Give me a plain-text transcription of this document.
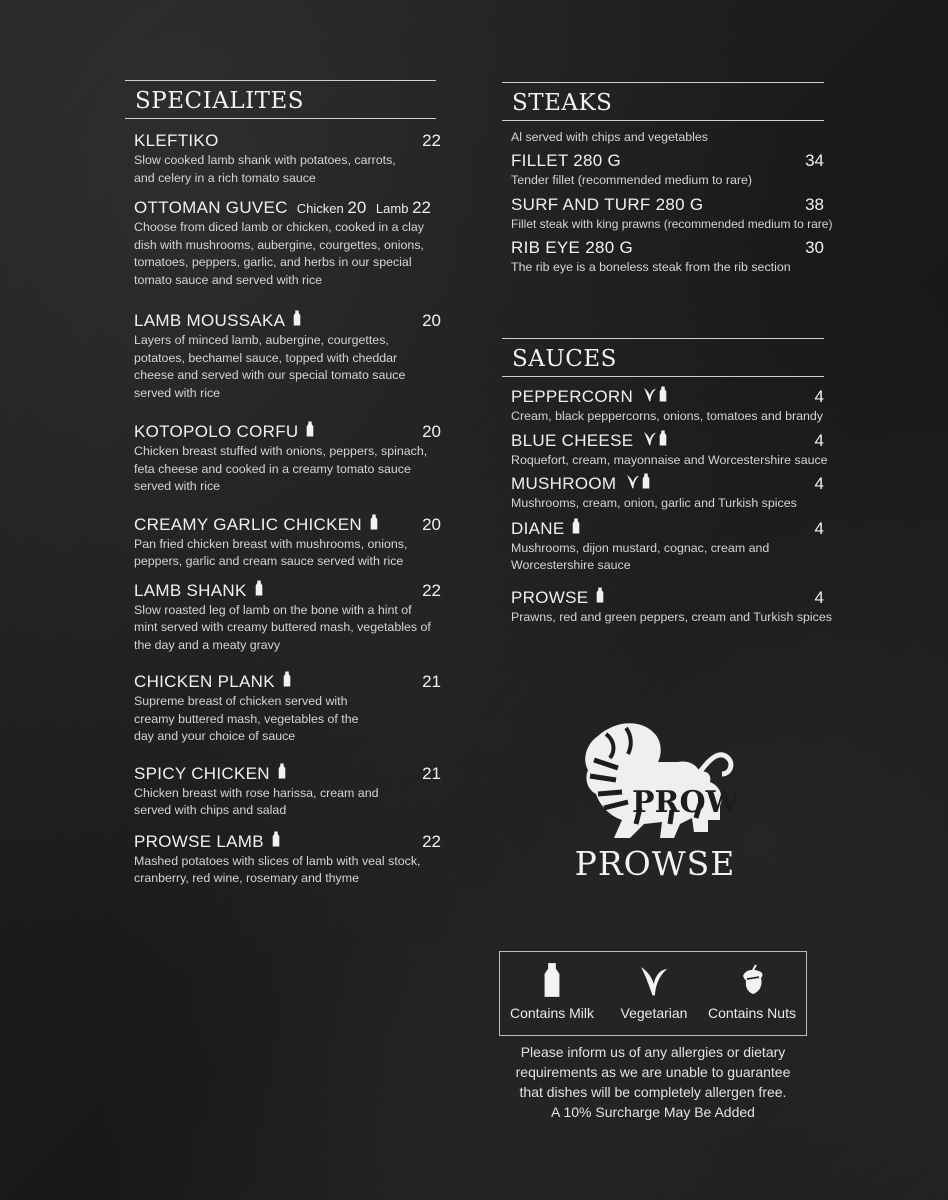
SPECIALITES
KLEFTIKO	22
Slow cooked lamb shank with potatoes, carrots, and celery in a rich tomato sauce
OTTOMAN GUVEC Chicken 20 Lamb 22
Choose from diced lamb or chicken, cooked in a clay dish with mushrooms, aubergine, courgettes, onions, tomatoes, peppers, garlic, and herbs in our special tomato sauce and served with rice
LAMB MOUSSAKA	20
Layers of minced lamb, aubergine, courgettes, potatoes, bechamel sauce, topped with cheddar cheese and served with our special tomato sauce served with rice
KOTOPOLO CORFU	20
Chicken breast stuffed with onions, peppers, spinach, feta cheese and cooked in a creamy tomato sauce served with rice
CREAMY GARLIC CHICKEN	20
Pan fried chicken breast with mushrooms, onions, peppers, garlic and cream sauce served with rice
LAMB SHANK	22
Slow roasted leg of lamb on the bone with a hint of mint served with creamy buttered mash, vegetables of the day and a meaty gravy
CHICKEN PLANK	21
Supreme breast of chicken served with creamy buttered mash, vegetables of the day and your choice of sauce
SPICY CHICKEN	21
Chicken breast with rose harissa, cream and served with chips and salad
PROWSE LAMB	22
Mashed potatoes with slices of lamb with veal stock, cranberry, red wine, rosemary and thyme
STEAKS
Al served with chips and vegetables
FILLET 280 G	34
Tender fillet (recommended medium to rare)
SURF AND TURF 280 G	38
Fillet steak with king prawns (recommended medium to rare)
RIB EYE 280 G	30
The rib eye is a boneless steak from the rib section
SAUCES
PEPPERCORN	4
Cream, black peppercorns, onions, tomatoes and brandy
BLUE CHEESE	4
Roquefort, cream, mayonnaise and Worcestershire sauce
MUSHROOM	4
Mushrooms, cream, onion, garlic and Turkish spices
DIANE	4
Mushrooms, dijon mustard, cognac, cream and Worcestershire sauce
PROWSE	4
Prawns, red and green peppers, cream and Turkish spices
PROW
PROWSE
Contains Milk	Vegetarian	Contains Nuts
Please inform us of any allergies or dietary
requirements as we are unable to guarantee
that dishes will be completely allergen free.
A 10% Surcharge May Be Added
